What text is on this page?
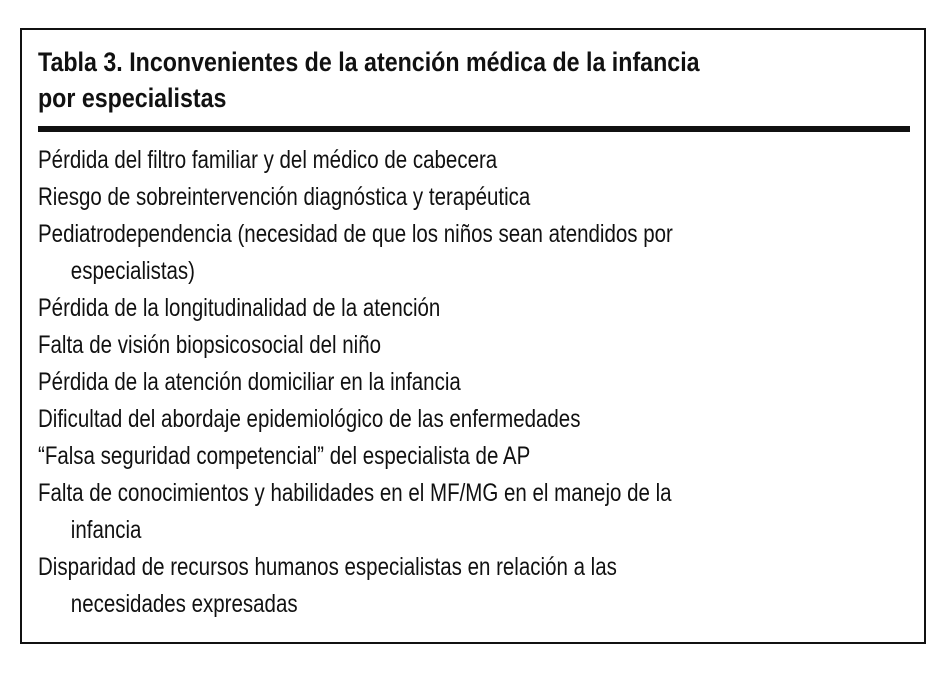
Tabla 3. Inconvenientes de la atención médica de la infancia
por especialistas
Pérdida del filtro familiar y del médico de cabecera
Riesgo de sobreintervención diagnóstica y terapéutica
Pediatrodependencia (necesidad de que los niños sean atendidos por
especialistas)
Pérdida de la longitudinalidad de la atención
Falta de visión biopsicosocial del niño
Pérdida de la atención domiciliar en la infancia
Dificultad del abordaje epidemiológico de las enfermedades
“Falsa seguridad competencial” del especialista de AP
Falta de conocimientos y habilidades en el MF/MG en el manejo de la
infancia
Disparidad de recursos humanos especialistas en relación a las
necesidades expresadas
